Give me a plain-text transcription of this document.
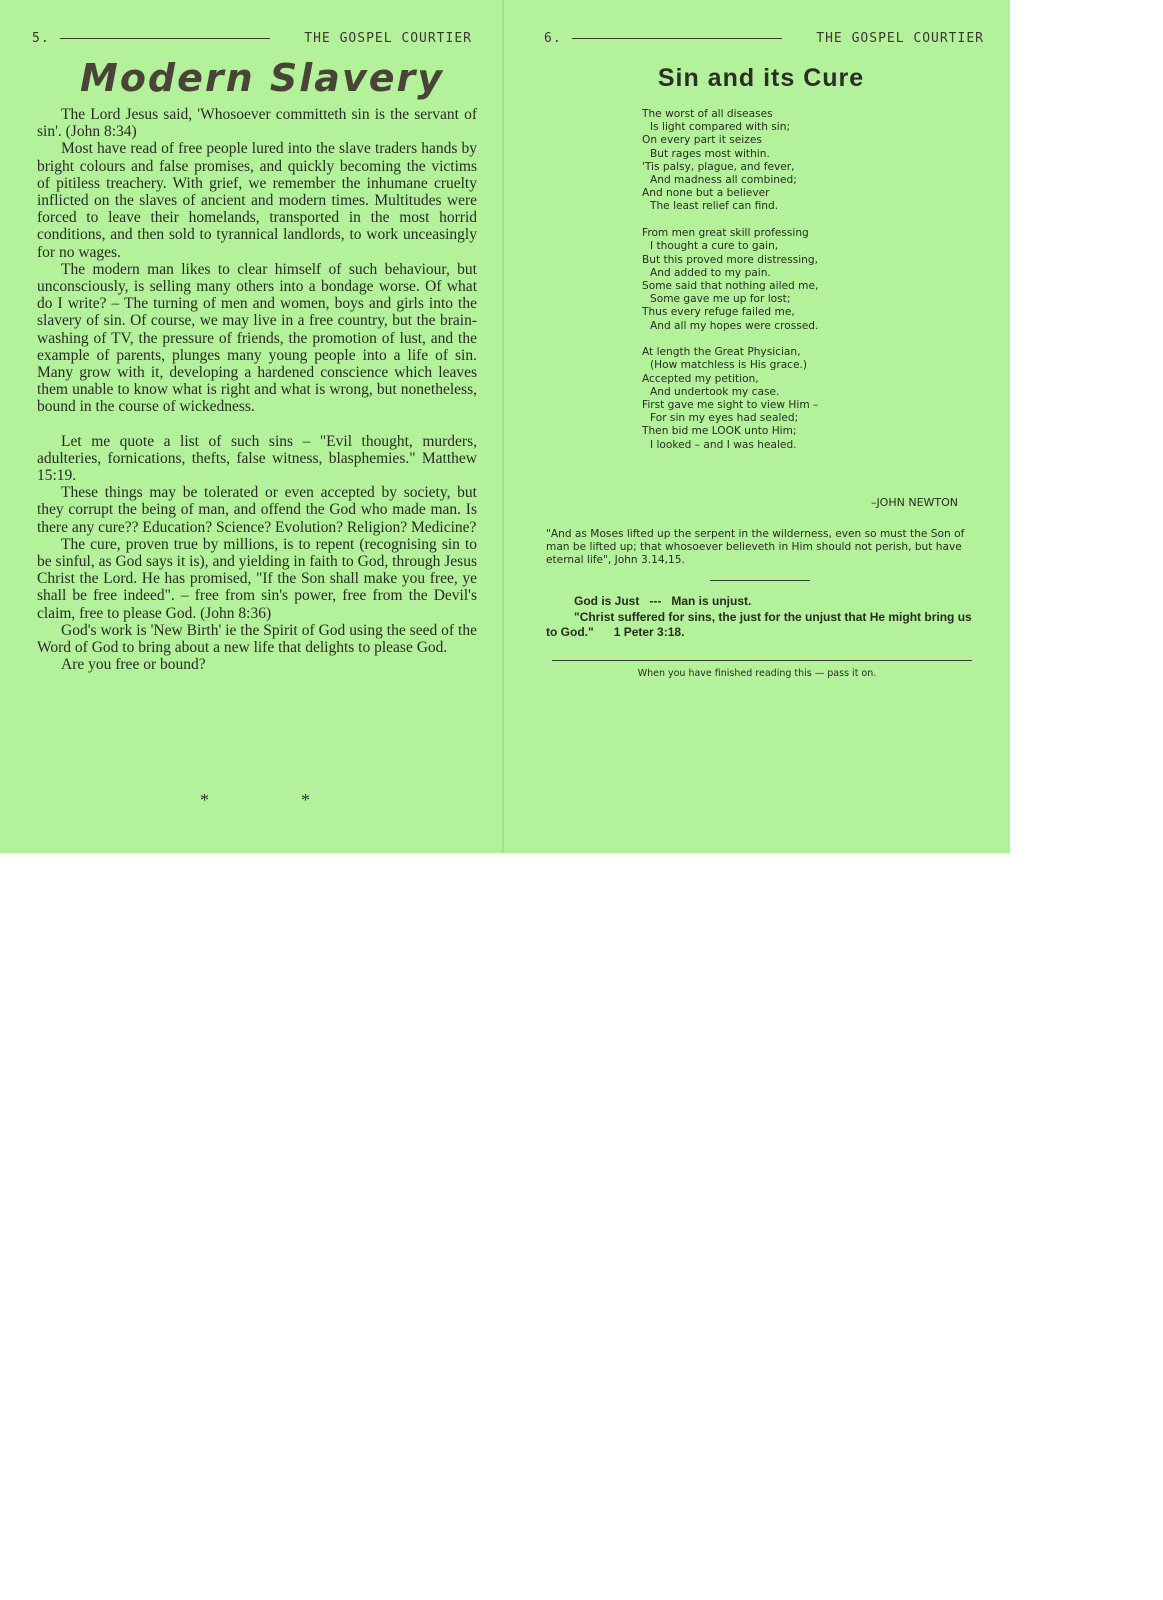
5.	THE GOSPEL COURTIER
Modern Slavery

The Lord Jesus said, 'Whosoever committeth sin is the servant of sin'. (John 8:34)

Most have read of free people lured into the slave traders hands by bright colours and false promises, and quickly becoming the victims of pitiless treachery. With grief, we remember the inhumane cruelty inflicted on the slaves of ancient and modern times. Multitudes were forced to leave their homelands, transported in the most horrid conditions, and then sold to tyrannical landlords, to work unceasingly for no wages.

The modern man likes to clear himself of such behaviour, but unconsciously, is selling many others into a bondage worse. Of what do I write? – The turning of men and women, boys and girls into the slavery of sin. Of course, we may live in a free country, but the brain-washing of TV, the pressure of friends, the promotion of lust, and the example of parents, plunges many young people into a life of sin. Many grow with it, developing a hardened conscience which leaves them unable to know what is right and what is wrong, but nonetheless, bound in the course of wickedness.

Let me quote a list of such sins – "Evil thought, murders, adulteries, fornications, thefts, false witness, blasphemies." Matthew 15:19.

These things may be tolerated or even accepted by society, but they corrupt the being of man, and offend the God who made man. Is there any cure?? Education? Science? Evolution? Religion? Medicine?

The cure, proven true by millions, is to repent (recognising sin to be sinful, as God says it is), and yielding in faith to God, through Jesus Christ the Lord. He has promised, "If the Son shall make you free, ye shall be free indeed". – free from sin's power, free from the Devil's claim, free to please God. (John 8:36)

God's work is 'New Birth' ie the Spirit of God using the seed of the Word of God to bring about a new life that delights to please God.

Are you free or bound?

*	*
6.	THE GOSPEL COURTIER
Sin and its Cure
The worst of all diseases
Is light compared with sin;
On every part it seizes
But rages most within.
'Tis palsy, plague, and fever,
And madness all combined;
And none but a believer
The least relief can find.
From men great skill professing
I thought a cure to gain,
But this proved more distressing,
And added to my pain.
Some said that nothing ailed me,
Some gave me up for lost;
Thus every refuge failed me,
And all my hopes were crossed.
At length the Great Physician,
(How matchless is His grace.)
Accepted my petition,
And undertook my case.
First gave me sight to view Him –
For sin my eyes had sealed;
Then bid me LOOK unto Him;
I looked – and I was healed.
–JOHN NEWTON
"And as Moses lifted up the serpent in the wilderness, even so must the Son of man be lifted up; that whosoever believeth in Him should not perish, but have eternal life", John 3.14,15.
God is Just --- Man is unjust.
"Christ suffered for sins, the just for the unjust that He might bring us to God." 1 Peter 3:18.
When you have finished reading this — pass it on.
